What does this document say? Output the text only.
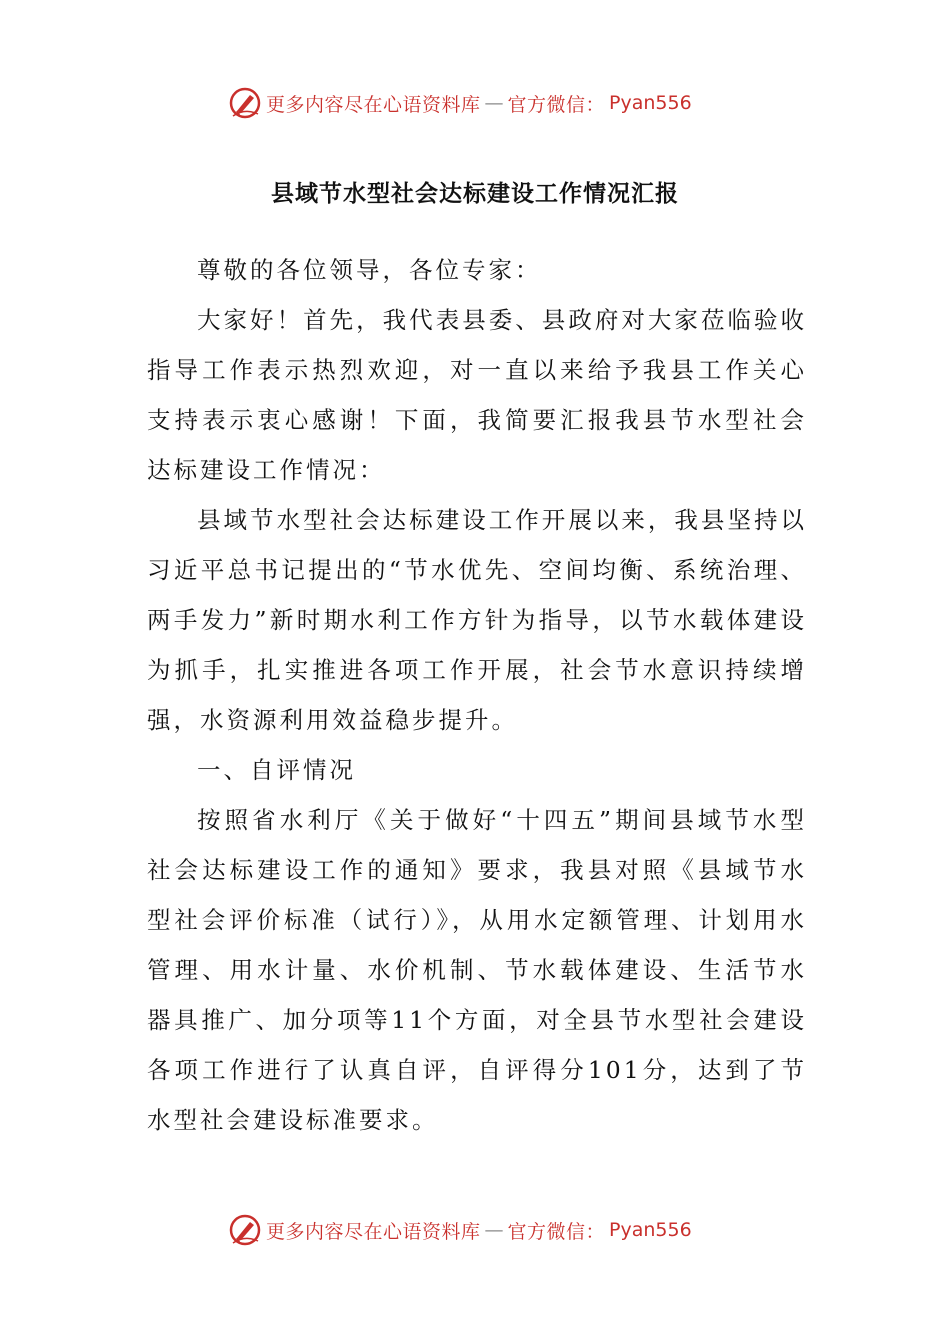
更多内容尽在心语资料库 — 官方微信： Pyan556
县域节水型社会达标建设工作情况汇报

尊敬的各位领导，各位专家：

大家好！首先，我代表县委、县政府对大家莅临验收指导工作表示热烈欢迎，对一直以来给予我县工作关心支持表示衷心感谢！下面，我简要汇报我县节水型社会达标建设工作情况：

县域节水型社会达标建设工作开展以来，我县坚持以习近平总书记提出的“节水优先、空间均衡、系统治理、两手发力”新时期水利工作方针为指导，以节水载体建设为抓手，扎实推进各项工作开展，社会节水意识持续增强，水资源利用效益稳步提升。

一、自评情况

按照省水利厅《关于做好“十四五”期间县域节水型社会达标建设工作的通知》要求，我县对照《县域节水型社会评价标准（试行）》，从用水定额管理、计划用水管理、用水计量、水价机制、节水载体建设、生活节水器具推广、加分项等11个方面，对全县节水型社会建设各项工作进行了认真自评，自评得分101分，达到了节水型社会建设标准要求。

更多内容尽在心语资料库 — 官方微信： Pyan556
